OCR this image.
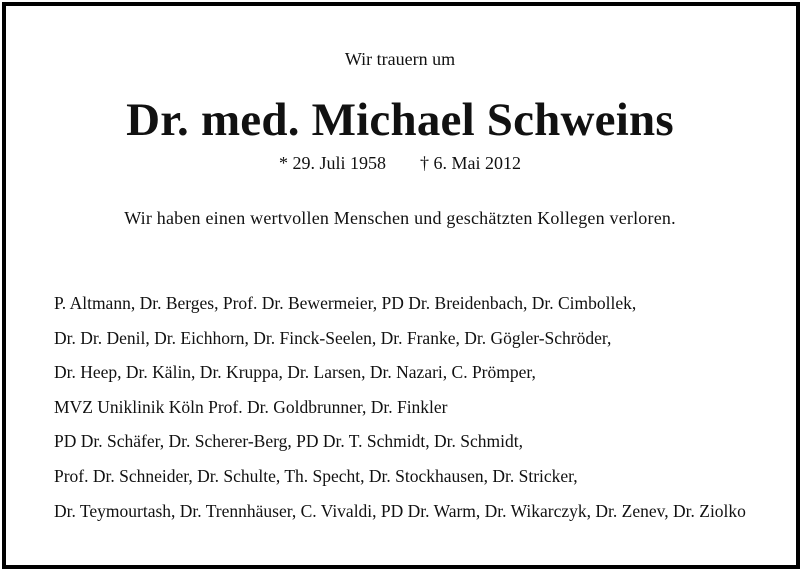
Wir trauern um
Dr. med. Michael Schweins
* 29. Juli 1958 † 6. Mai 2012
Wir haben einen wertvollen Menschen und geschätzten Kollegen verloren.
P. Altmann, Dr. Berges, Prof. Dr. Bewermeier, PD Dr. Breidenbach, Dr. Cimbollek,
Dr. Dr. Denil, Dr. Eichhorn, Dr. Finck-Seelen, Dr. Franke, Dr. Gögler-Schröder,
Dr. Heep, Dr. Kälin, Dr. Kruppa, Dr. Larsen, Dr. Nazari, C. Prömper,
MVZ Uniklinik Köln Prof. Dr. Goldbrunner, Dr. Finkler
PD Dr. Schäfer, Dr. Scherer-Berg, PD Dr. T. Schmidt, Dr. Schmidt,
Prof. Dr. Schneider, Dr. Schulte, Th. Specht, Dr. Stockhausen, Dr. Stricker,
Dr. Teymourtash, Dr. Trennhäuser, C. Vivaldi, PD Dr. Warm, Dr. Wikarczyk, Dr. Zenev, Dr. Ziolko
